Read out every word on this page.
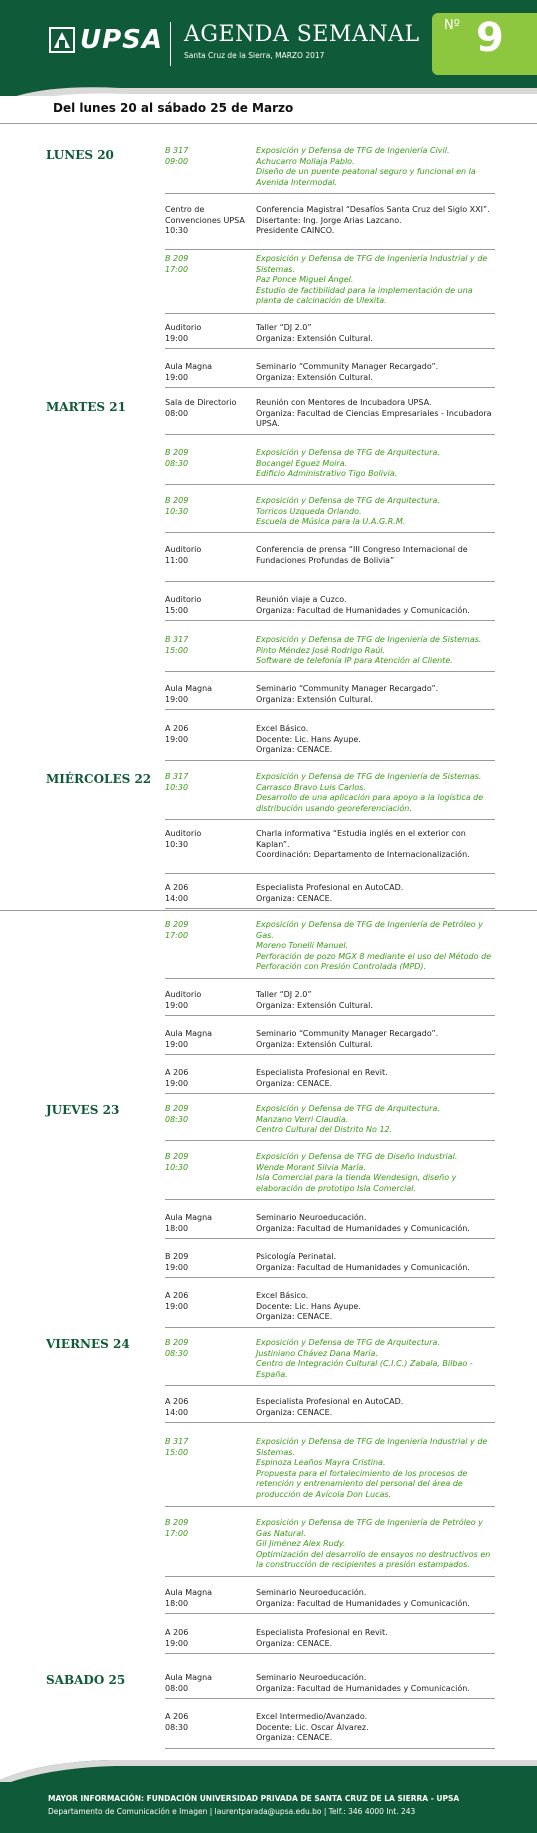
UPSA AGENDA SEMANAL
Santa Cruz de la Sierra, MARZO 2017
Nº 9
Del lunes 20 al sábado 25 de Marzo
LUNES 20
MARTES 21
MIÉRCOLES 22
JUEVES 23
VIERNES 24
SABADO 25
B 317
09:00
Exposición y Defensa de TFG de Ingeniería Civil.
Achucarro Mollaja Pablo.
Diseño de un puente peatonal seguro y funcional en la Avenida Intermodal.
Centro de
Convenciones UPSA
10:30
Conferencia Magistral “Desafíos Santa Cruz del Siglo XXI”.
Disertante: Ing. Jorge Arias Lazcano.
Presidente CAINCO.
B 209
17:00
Exposición y Defensa de TFG de Ingeniería Industrial y de Sistemas.
Paz Ponce Miguel Ángel.
Estudio de factibilidad para la implementación de una planta de calcinación de Ulexita.
Auditorio
19:00
Taller “DJ 2.0”
Organiza: Extensión Cultural.
Aula Magna
19:00
Seminario “Community Manager Recargado”.
Organiza: Extensión Cultural.
Sala de Directorio
08:00
Reunión con Mentores de Incubadora UPSA.
Organiza: Facultad de Ciencias Empresariales - Incubadora UPSA.
B 209
08:30
Exposición y Defensa de TFG de Arquitectura.
Bocangel Eguez Moira.
Edificio Administrativo Tigo Bolivia.
B 209
10:30
Exposición y Defensa de TFG de Arquitectura.
Torricos Uzqueda Orlando.
Escuela de Música para la U.A.G.R.M.
Auditorio
11:00
Conferencia de prensa “III Congreso Internacional de Fundaciones Profundas de Bolivia”
Auditorio
15:00
Reunión viaje a Cuzco.
Organiza: Facultad de Humanidades y Comunicación.
B 317
15:00
Exposición y Defensa de TFG de Ingeniería de Sistemas.
Pinto Méndez José Rodrigo Raúl.
Software de telefonía IP para Atención al Cliente.
Aula Magna
19:00
Seminario “Community Manager Recargado”.
Organiza: Extensión Cultural.
A 206
19:00
Excel Básico.
Docente: Lic. Hans Ayupe.
Organiza: CENACE.
B 317
10:30
Exposición y Defensa de TFG de Ingeniería de Sistemas.
Carrasco Bravo Luis Carlos.
Desarrollo de una aplicación para apoyo a la logística de distribución usando georeferenciación.
Auditorio
10:30
Charla informativa “Estudia inglés en el exterior con Kaplan”.
Coordinación: Departamento de Internacionalización.
A 206
14:00
Especialista Profesional en AutoCAD.
Organiza: CENACE.
B 209
17:00
Exposición y Defensa de TFG de Ingeniería de Petróleo y Gas.
Moreno Tonelli Manuel.
Perforación de pozo MGX 8 mediante el uso del Método de Perforación con Presión Controlada (MPD).
Auditorio
19:00
Taller “DJ 2.0”
Organiza: Extensión Cultural.
Aula Magna
19:00
Seminario “Community Manager Recargado”.
Organiza: Extensión Cultural.
A 206
19:00
Especialista Profesional en Revit.
Organiza: CENACE.
B 209
08:30
Exposición y Defensa de TFG de Arquitectura.
Manzano Verri Claudia.
Centro Cultural del Distrito No 12.
B 209
10:30
Exposición y Defensa de TFG de Diseño Industrial.
Wende Morant Silvia María.
Isla Comercial para la tienda Wendesign, diseño y elaboración de prototipo Isla Comercial.
Aula Magna
18:00
Seminario Neuroeducación.
Organiza: Facultad de Humanidades y Comunicación.
B 209
19:00
Psicología Perinatal.
Organiza: Facultad de Humanidades y Comunicación.
A 206
19:00
Excel Básico.
Docente: Lic. Hans Ayupe.
Organiza: CENACE.
B 209
08:30
Exposición y Defensa de TFG de Arquitectura.
Justiniano Chávez Dana María.
Centro de Integración Cultural (C.I.C.) Zabala, Bilbao - España.
A 206
14:00
Especialista Profesional en AutoCAD.
Organiza: CENACE.
B 317
15:00
Exposición y Defensa de TFG de Ingeniería Industrial y de Sistemas.
Espinoza Leaños Mayra Cristina.
Propuesta para el fortalecimiento de los procesos de retención y entrenamiento del personal del área de producción de Avícola Don Lucas.
B 209
17:00
Exposición y Defensa de TFG de Ingeniería de Petróleo y Gas Natural.
Gil Jiménez Alex Rudy.
Optimización del desarrollo de ensayos no destructivos en la construcción de recipientes a presión estampados.
Aula Magna
18:00
Seminario Neuroeducación.
Organiza: Facultad de Humanidades y Comunicación.
A 206
19:00
Especialista Profesional en Revit.
Organiza: CENACE.
Aula Magna
08:00
Seminario Neuroeducación.
Organiza: Facultad de Humanidades y Comunicación.
A 206
08:30
Excel Intermedio/Avanzado.
Docente: Lic. Oscar Álvarez.
Organiza: CENACE.
MAYOR INFORMACIÓN: FUNDACIÓN UNIVERSIDAD PRIVADA DE SANTA CRUZ DE LA SIERRA - UPSA
Departamento de Comunicación e Imagen | laurentparada@upsa.edu.bo | Telf.: 346 4000 Int. 243
